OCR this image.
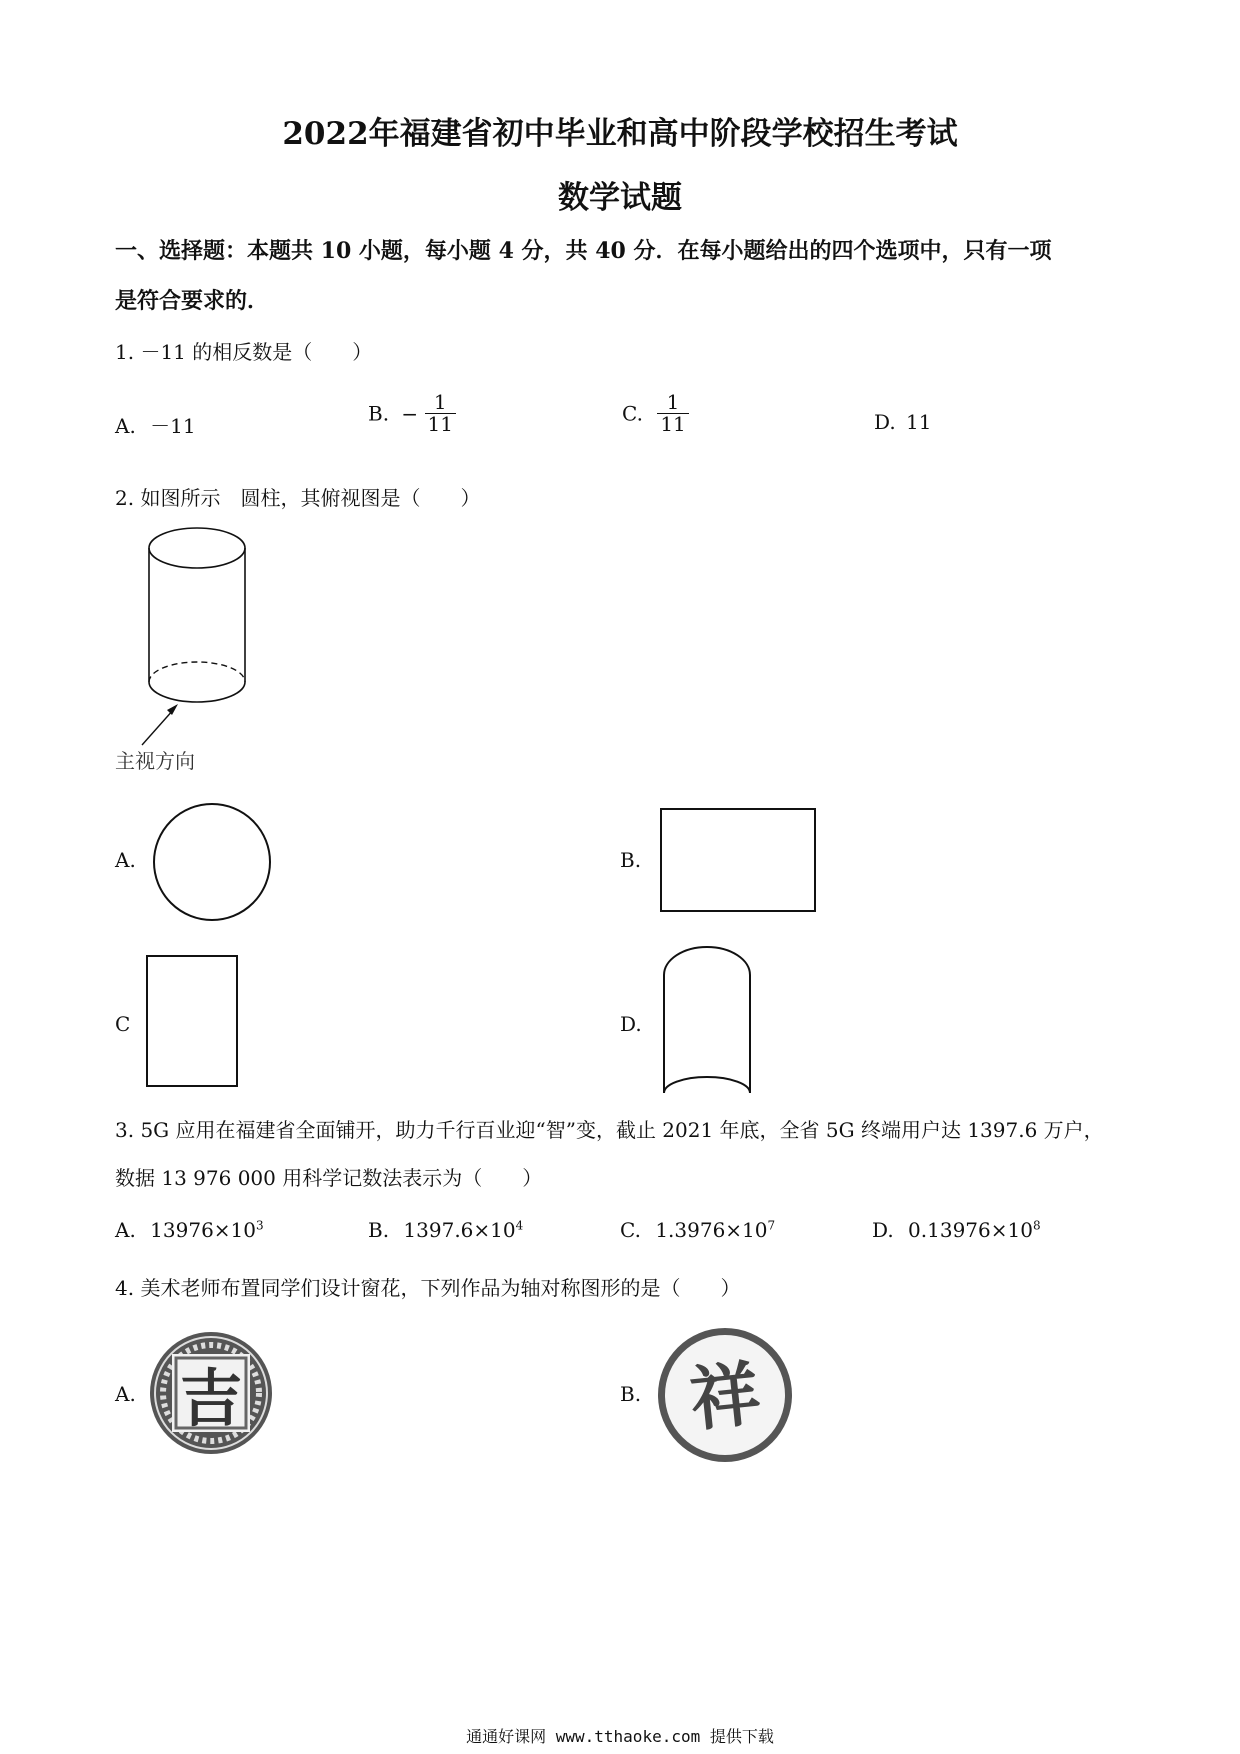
2022年福建省初中毕业和高中阶段学校招生考试
数学试题
一、选择题：本题共 10 小题，每小题 4 分，共 40 分．在每小题给出的四个选项中，只有一项
是符合要求的．
1. －11 的相反数是（　　）
A. －11
B. − $\frac{1}{11}$	C. $\frac{1}{11}$	D. 11
2. 如图所示　圆柱，其俯视图是（　　）
主视方向
A.	B.
C	D.
3. 5G 应用在福建省全面铺开，助力千行百业迎“智”变，截止 2021 年底，全省 5G 终端用户达 1397.6 万户，
数据 13 976 000 用科学记数法表示为（　　）
A. $13976\times 10^3$	B. $1397.6\times 10^4$	C. $1.3976\times 10^7$	D. $0.13976\times 10^8$
4. 美术老师布置同学们设计窗花，下列作品为轴对称图形的是（　　）
A. 吉	B. 祥
通通好课网 www.tthaoke.com 提供下载
